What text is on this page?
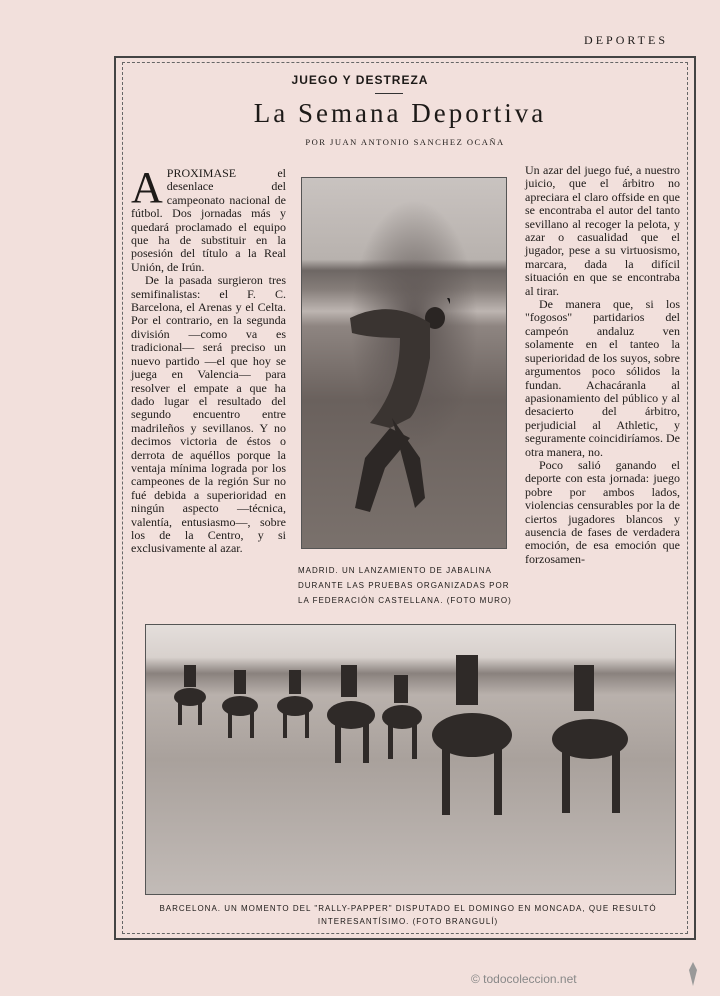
DEPORTES
JUEGO Y DESTREZA
La Semana Deportiva
POR JUAN ANTONIO SANCHEZ OCAÑA
A PROXIMASE el desenlace del campeonato nacional de fútbol. Dos jornadas más y quedará proclamado el equipo que ha de substituir en la posesión del título a la Real Unión, de Irún.

De la pasada surgieron tres semifinalistas: el F. C. Barcelona, el Arenas y el Celta. Por el contrario, en la segunda división —como va es tradicional— será preciso un nuevo partido —el que hoy se juega en Valencia— para resolver el empate a que ha dado lugar el resultado del segundo encuentro entre madrileños y sevillanos. Y no decimos victoria de éstos o derrota de aquéllos porque la ventaja mínima lograda por los campeones de la región Sur no fué debida a superioridad en ningún aspecto —técnica, valentía, entusiasmo—, sobre los de la Centro, y si exclusivamente al azar.

MADRID. UN LANZAMIENTO DE JABALINA DURANTE LAS PRUEBAS ORGANIZADAS POR LA FEDERACIÓN CASTELLANA. (FOTO MURO)

Un azar del juego fué, a nuestro juicio, que el árbitro no apreciara el claro offside en que se encontraba el autor del tanto sevillano al recoger la pelota, y azar o casualidad que el jugador, pese a su virtuosismo, marcara, dada la difícil situación en que se encontraba al tirar.

De manera que, si los "fogosos" partidarios del campeón andaluz ven solamente en el tanteo la superioridad de los suyos, sobre argumentos poco sólidos la fundan. Achacáranla al apasionamiento del público y al desacierto del árbitro, perjudicial al Athletic, y seguramente coincidiríamos. De otra manera, no.

Poco salió ganando el deporte con esta jornada: juego pobre por ambos lados, violencias censurables por la de ciertos jugadores blancos y ausencia de fases de verdadera emoción, de esa emoción que forzosamen-

BARCELONA. UN MOMENTO DEL "RALLY-PAPPER" DISPUTADO EL DOMINGO EN MONCADA, QUE RESULTÓ INTERESANTÍSIMO. (FOTO BRANGULÍ)
© todocoleccion.net
